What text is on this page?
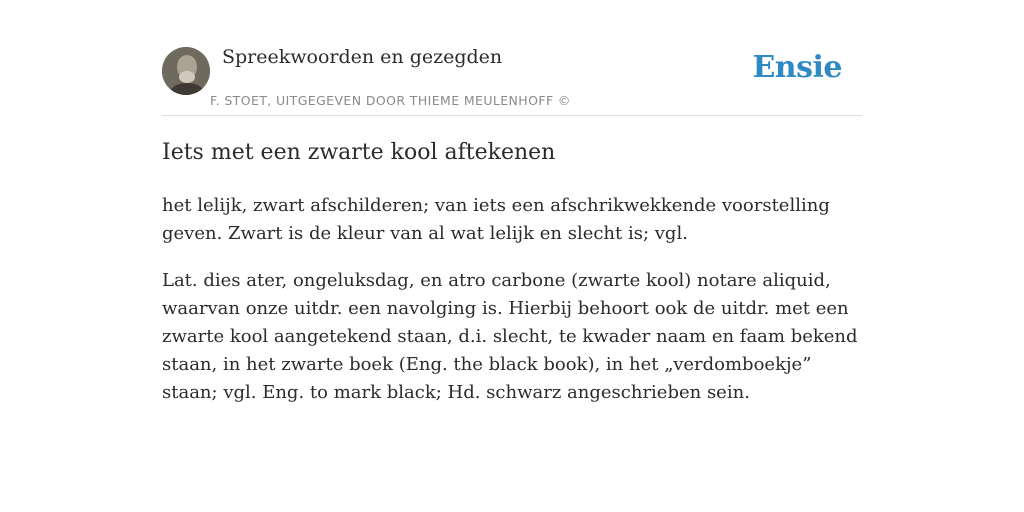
Spreekwoorden en gezegden
F. STOET, UITGEGEVEN DOOR THIEME MEULENHOFF ©
Ensie
Iets met een zwarte kool aftekenen

het lelijk, zwart afschilderen; van iets een afschrikwekkende voorstelling geven. Zwart is de kleur van al wat lelijk en slecht is; vgl.

Lat. dies ater, ongeluksdag, en atro carbone (zwarte kool) notare aliquid, waarvan onze uitdr. een navolging is. Hierbij behoort ook de uitdr. met een zwarte kool aangetekend staan, d.i. slecht, te kwader naam en faam bekend staan, in het zwarte boek (Eng. the black book), in het „verdomboekje” staan; vgl. Eng. to mark black; Hd. schwarz angeschrieben sein.
